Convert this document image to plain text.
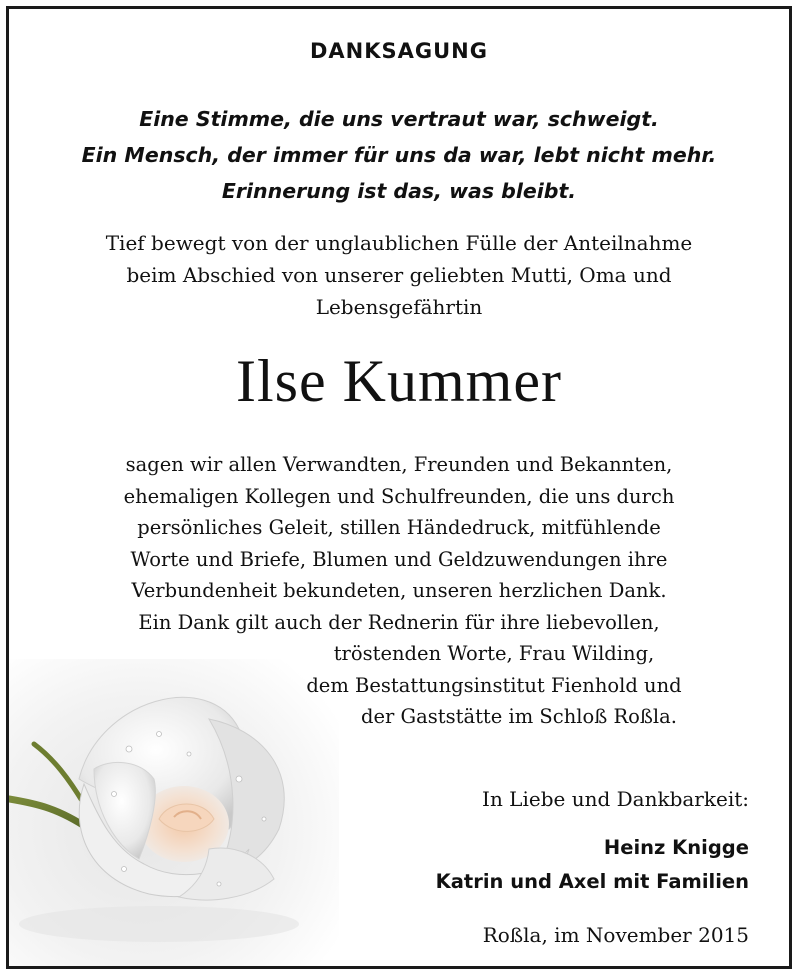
DANKSAGUNG
Eine Stimme, die uns vertraut war, schweigt.
Ein Mensch, der immer für uns da war, lebt nicht mehr.
Erinnerung ist das, was bleibt.
Tief bewegt von der unglaublichen Fülle der Anteilnahme
beim Abschied von unserer geliebten Mutti, Oma und
Lebensgefährtin
Ilse Kummer
sagen wir allen Verwandten, Freunden und Bekannten,
ehemaligen Kollegen und Schulfreunden, die uns durch
persönliches Geleit, stillen Händedruck, mitfühlende
Worte und Briefe, Blumen und Geldzuwendungen ihre
Verbundenheit bekundeten, unseren herzlichen Dank.
Ein Dank gilt auch der Rednerin für ihre liebevollen,
tröstenden Worte, Frau Wilding,
dem Bestattungsinstitut Fienhold und
der Gaststätte im Schloß Roßla.
In Liebe und Dankbarkeit:
Heinz Knigge
Katrin und Axel mit Familien
Roßla, im November 2015
